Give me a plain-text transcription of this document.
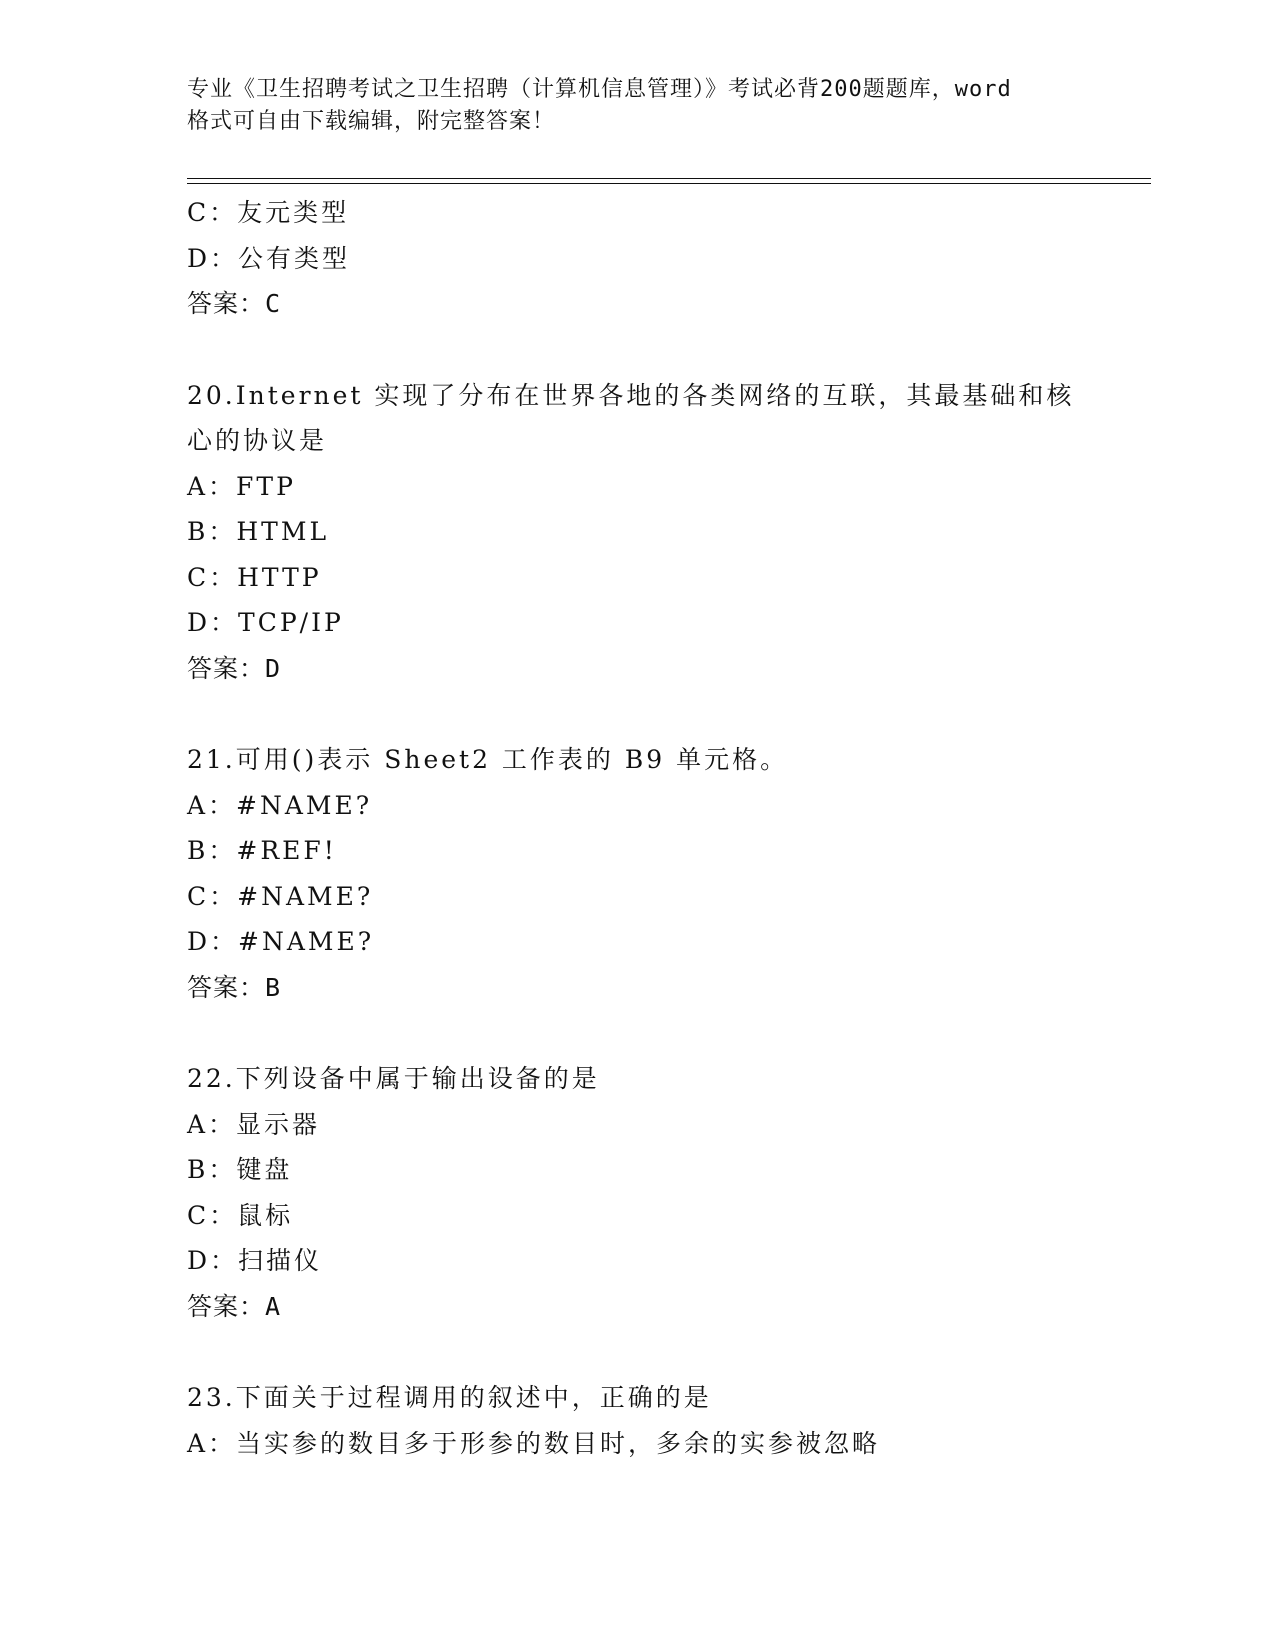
专业《卫生招聘考试之卫生招聘（计算机信息管理）》考试必背200题题库，word
格式可自由下载编辑，附完整答案！
C：友元类型
D：公有类型
答案：C
20.Internet 实现了分布在世界各地的各类网络的互联，其最基础和核
心的协议是
A：FTP
B：HTML
C：HTTP
D：TCP/IP
答案：D
21.可用()表示 Sheet2 工作表的 B9 单元格。
A：#NAME?
B：#REF!
C：#NAME?
D：#NAME?
答案：B
22.下列设备中属于输出设备的是
A：显示器
B：键盘
C：鼠标
D：扫描仪
答案：A
23.下面关于过程调用的叙述中，正确的是
A：当实参的数目多于形参的数目时，多余的实参被忽略
